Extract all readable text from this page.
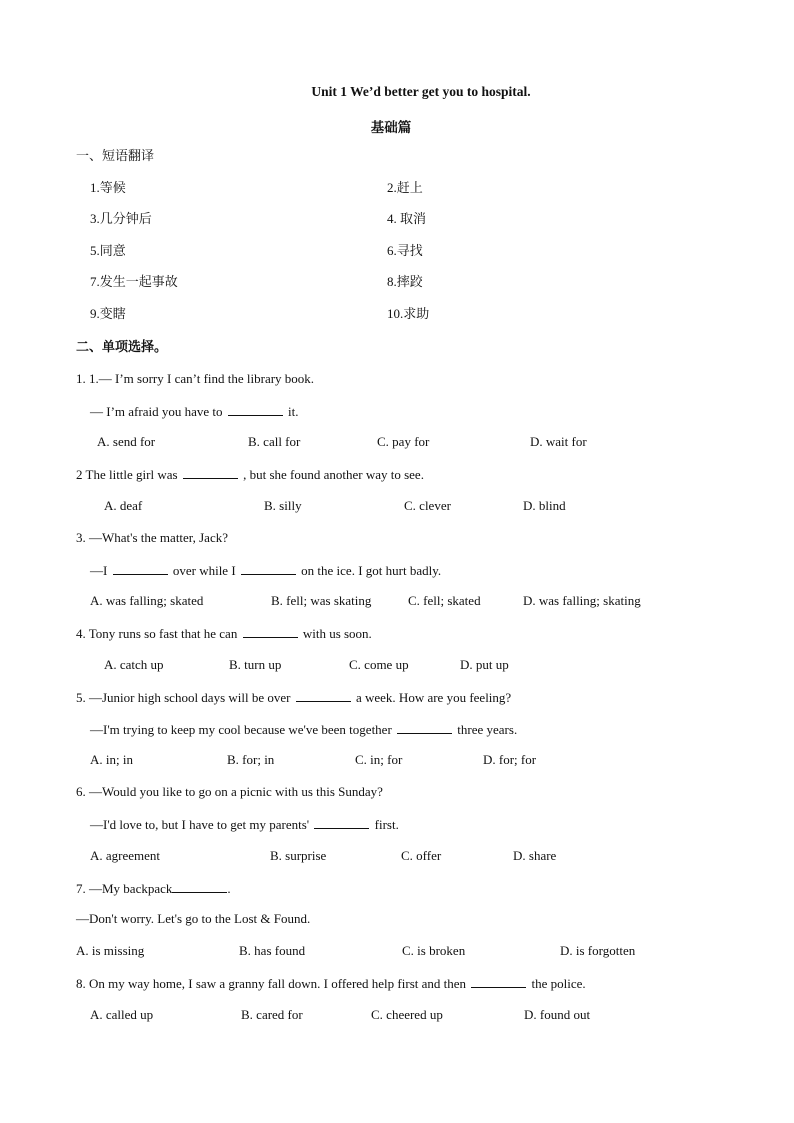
Unit 1 We’d better get you to hospital.
基础篇
一、短语翻译
1.等候	2.赶上
3.几分钟后	4. 取消
5.同意	6.寻找
7.发生一起事故	8.摔跤
9.变瞎	10.求助
二、单项选择。
1. 1.— I’m sorry I can’t find the library book.
— I’m afraid you have to	it.
A. send for	B. call for	C. pay for	D. wait for
2 The little girl was	, but she found another way to see.
A. deaf	B. silly	C. clever	D. blind
3. —What's the matter, Jack?
—I	over while I	on the ice. I got hurt badly.
A. was falling; skated	B. fell; was skating	C. fell; skated	D. was falling; skating
4. Tony runs so fast that he can	with us soon.
A. catch up	B. turn up	C. come up	D. put up
5. —Junior high school days will be over	a week. How are you feeling?
—I'm trying to keep my cool because we've been together	three years.
A. in; in	B. for; in	C. in; for	D. for; for
6. —Would you like to go on a picnic with us this Sunday?
—I'd love to, but I have to get my parents'	first.
A. agreement	B. surprise	C. offer	D. share
7. —My backpack	.
—Don't worry. Let's go to the Lost & Found.
A. is missing	B. has found	C. is broken	D. is forgotten
8. On my way home, I saw a granny fall down. I offered help first and then	the police.
A. called up	B. cared for	C. cheered up	D. found out
